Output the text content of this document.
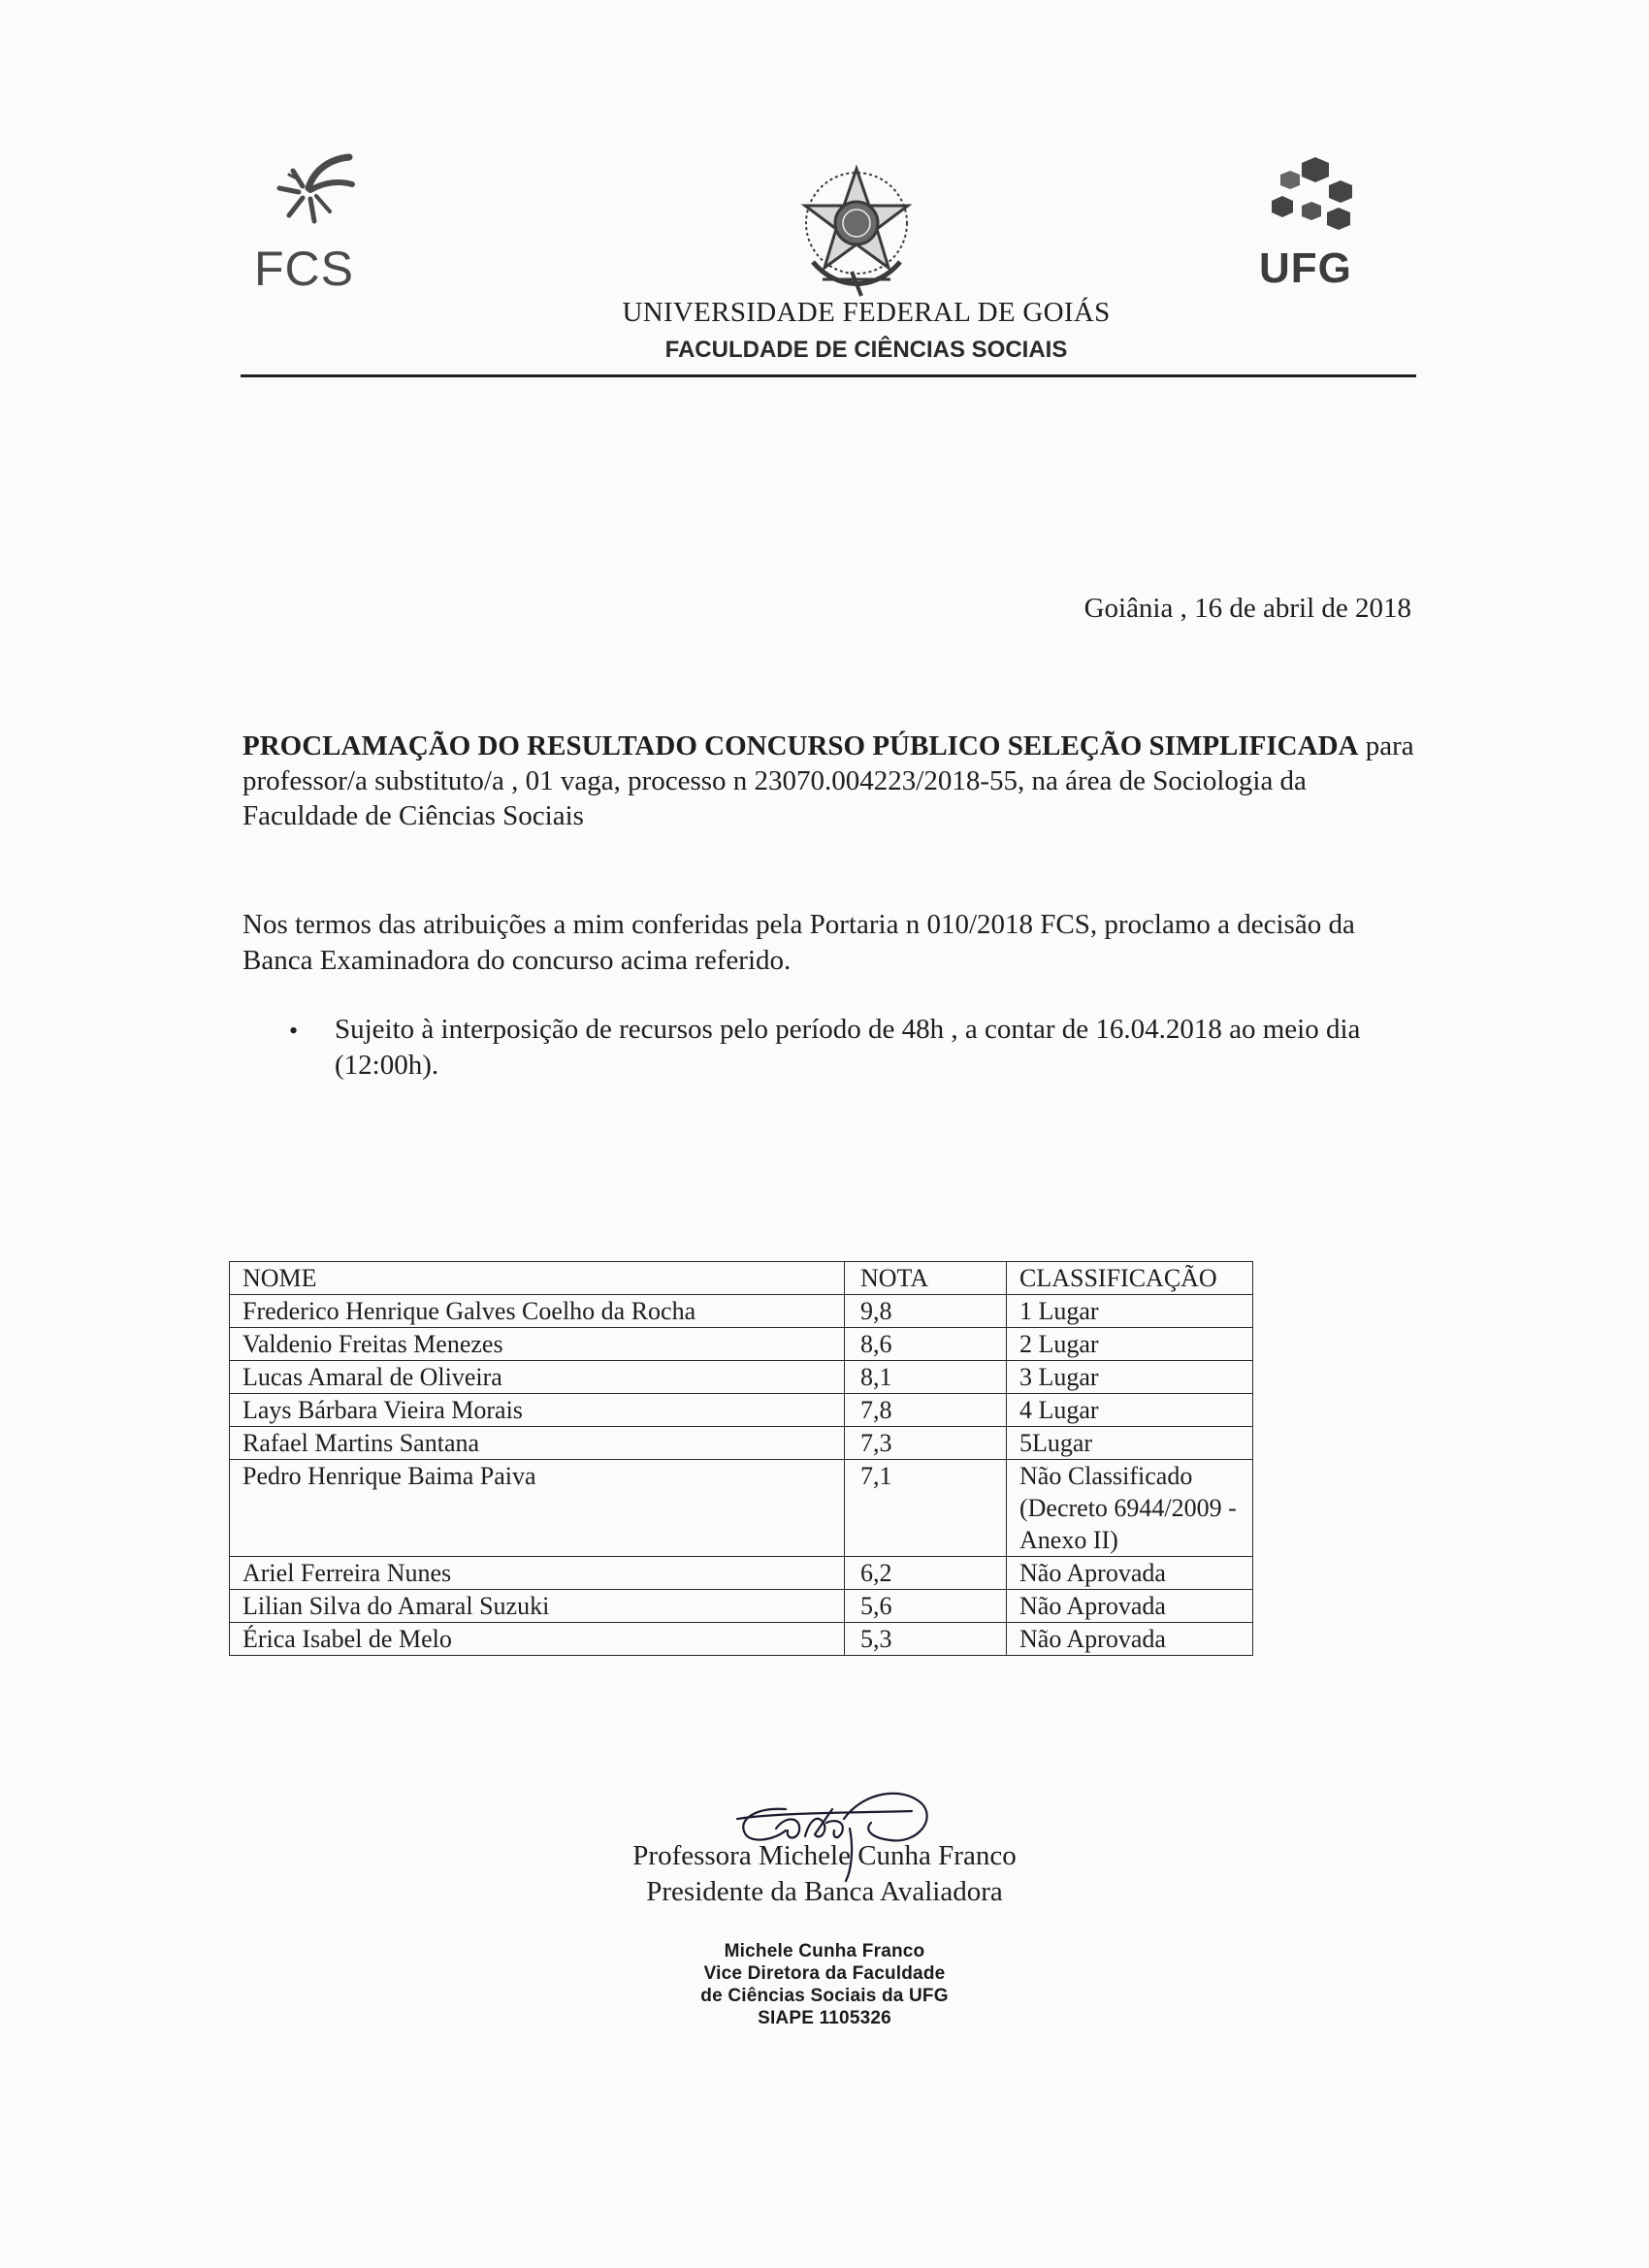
FCS	UFG
UNIVERSIDADE FEDERAL DE GOIÁS
FACULDADE DE CIÊNCIAS SOCIAIS
Goiânia , 16 de abril de 2018
PROCLAMAÇÃO DO RESULTADO CONCURSO PÚBLICO SELEÇÃO SIMPLIFICADA para professor/a substituto/a , 01 vaga, processo n 23070.004223/2018-55, na área de Sociologia da Faculdade de Ciências Sociais
Nos termos das atribuições a mim conferidas pela Portaria n 010/2018 FCS, proclamo a decisão da Banca Examinadora do concurso acima referido.
• Sujeito à interposição de recursos pelo período de 48h , a contar de 16.04.2018 ao meio dia (12:00h).
NOME	NOTA	CLASSIFICAÇÃO
Frederico Henrique Galves Coelho da Rocha	9,8	1 Lugar
Valdenio Freitas Menezes	8,6	2 Lugar
Lucas Amaral de Oliveira	8,1	3 Lugar
Lays Bárbara Vieira Morais	7,8	4 Lugar
Rafael Martins Santana	7,3	5Lugar
Pedro Henrique Baima Paiva	7,1	Não Classificado (Decreto 6944/2009 - Anexo II)
Ariel Ferreira Nunes	6,2	Não Aprovada
Lilian Silva do Amaral Suzuki	5,6	Não Aprovada
Érica Isabel de Melo	5,3	Não Aprovada
Professora Michele Cunha Franco
Presidente da Banca Avaliadora
Michele Cunha Franco
Vice Diretora da Faculdade
de Ciências Sociais da UFG
SIAPE 1105326
